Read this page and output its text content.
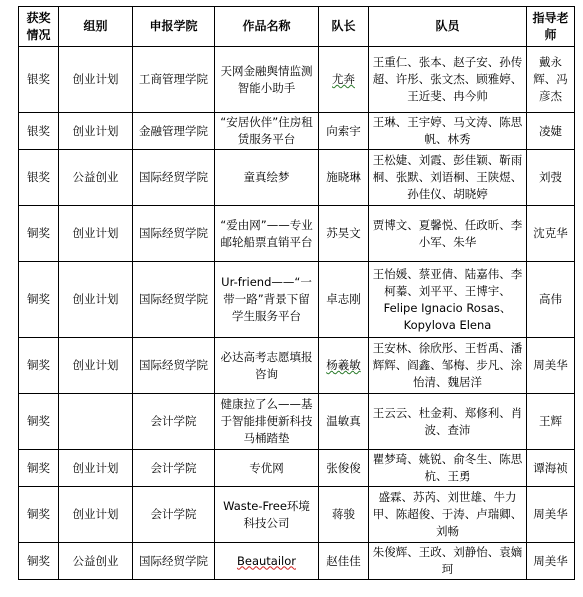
获奖情况	组别	申报学院	作品名称	队长	队员	指导老师
银奖	创业计划	工商管理学院	天网金融舆情监测智能小助手	尤奔	王重仁、张本、赵子安、孙传超、许彤、张文杰、顾雅婷、王近斐、冉今帅	戴永辉、冯彦杰
银奖	创业计划	金融管理学院	“安居伙伴”住房租赁服务平台	向索宇	王琳、王宇婷、马文涛、陈思帆、林秀	凌婕
银奖	公益创业	国际经贸学院	童真绘梦	施晓琳	王松婕、刘霞、彭佳颖、靳雨桐、张默、刘语桐、王陕煜、孙佳仪、胡晓婷	刘弢
铜奖	创业计划	国际经贸学院	“爱由网”——专业邮轮船票直销平台	苏昊文	贾博文、夏馨悦、任政昕、李小军、朱华	沈克华
铜奖	创业计划	国际经贸学院	Ur-friend——“一带一路”背景下留学生服务平台	卓志刚	王怡媛、蔡亚倩、陆嘉伟、李柯蓁、刘平平、王博宇、Felipe Ignacio Rosas、Kopylova Elena	高伟
铜奖	创业计划	国际经贸学院	必达高考志愿填报咨询	杨羲敏	王安林、徐欣彤、王哲禹、潘辉辉、阎鑫、邹梅、步凡、涂怡清、魏居洋	周美华
铜奖		会计学院	健康拉了么——基于智能排便新科技马桶踏垫	温敏真	王云云、杜金莉、郑修利、肖波、查沛	王辉
铜奖	创业计划	会计学院	专优网	张俊俊	瞿梦琦、姚锐、俞冬生、陈思杭、王勇	谭海祯
铜奖	创业计划	会计学院	Waste-Free环境科技公司	蒋骏	盛霖、苏芮、刘世雄、牛力甲、陈超俊、于涛、卢瑞卿、刘畅	周美华
铜奖	公益创业	国际经贸学院	Beautailor	赵佳佳	朱俊辉、王政、刘静怡、袁嫡珂	周美华
